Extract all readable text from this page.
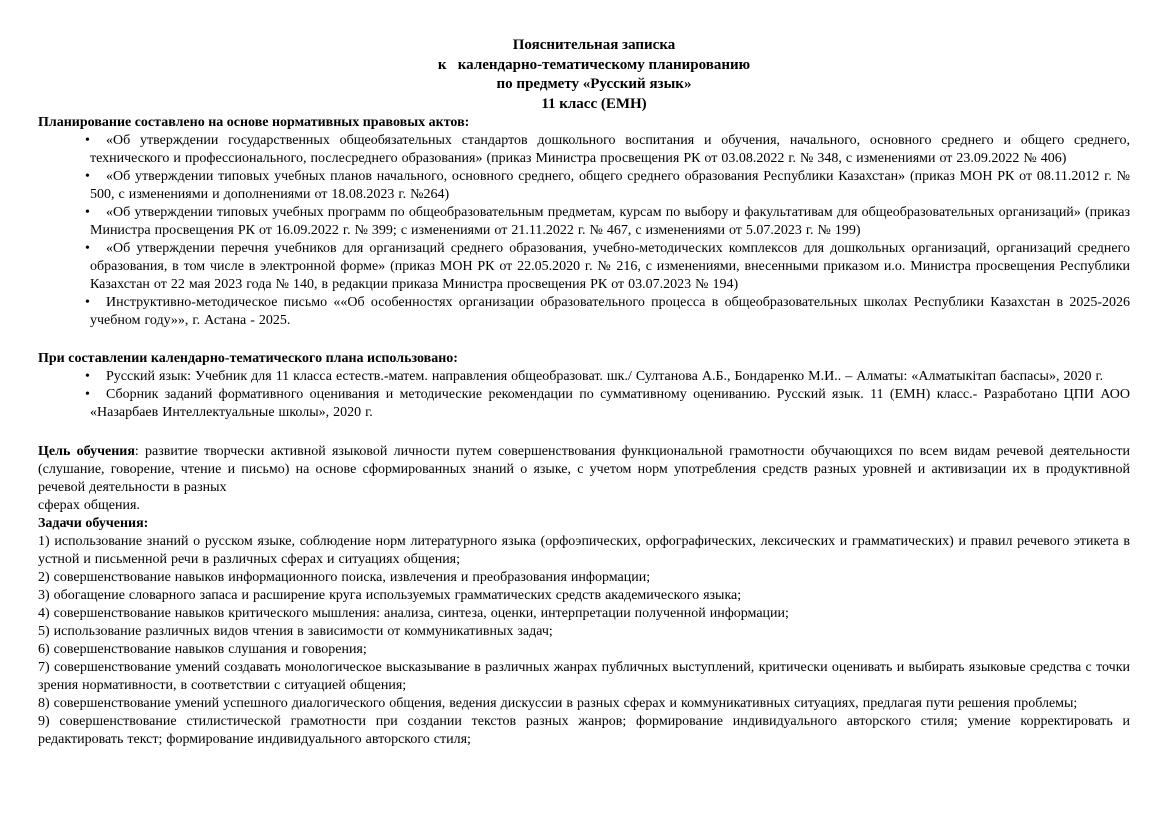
Пояснительная записка
к   календарно-тематическому планированию
по предмету «Русский язык»
11 класс (ЕМН)

Планирование составлено на основе нормативных правовых актов:

• «Об утверждении государственных общеобязательных стандартов дошкольного воспитания и обучения, начального, основного среднего и общего среднего, технического и профессионального, послесреднего образования» (приказ Министра просвещения РК от 03.08.2022 г. № 348, с изменениями от 23.09.2022 № 406)
• «Об утверждении типовых учебных планов начального, основного среднего, общего среднего образования Республики Казахстан» (приказ МОН РК от 08.11.2012 г. № 500, с изменениями и дополнениями от 18.08.2023 г. №264)
• «Об утверждении типовых учебных программ по общеобразовательным предметам, курсам по выбору и факультативам для общеобразовательных организаций» (приказ Министра просвещения РК от 16.09.2022 г. № 399; с изменениями от 21.11.2022 г. № 467, с изменениями от 5.07.2023 г. № 199)
• «Об утверждении перечня учебников для организаций среднего образования, учебно-методических комплексов для дошкольных организаций, организаций среднего образования, в том числе в электронной форме» (приказ МОН РК от 22.05.2020 г. № 216, с изменениями, внесенными приказом и.о. Министра просвещения Республики Казахстан от 22 мая 2023 года № 140, в редакции приказа Министра просвещения РК от 03.07.2023 № 194)
• Инструктивно-методическое письмо ««Об особенностях организации образовательного процесса в общеобразовательных школах Республики Казахстан в 2025-2026 учебном году»», г. Астана - 2025.

При составлении календарно-тематического плана использовано:

• Русский язык: Учебник для 11 класса естеств.-матем. направления общеобразоват. шк./ Султанова А.Б., Бондаренко М.И.. – Алматы: «Алматыкітап баспасы», 2020 г.
• Сборник заданий формативного оценивания и методические рекомендации по суммативному оцениванию. Русский язык. 11 (ЕМН) класс.- Разработано ЦПИ АОО «Назарбаев Интеллектуальные школы», 2020 г.

Цель обучения: развитие творчески активной языковой личности путем совершенствования функциональной грамотности обучающихся по всем видам речевой деятельности (слушание, говорение, чтение и письмо) на основе сформированных знаний о языке, с учетом норм употребления средств разных уровней и активизации их в продуктивной речевой деятельности в разных
сферах общения.

Задачи обучения:

1) использование знаний о русском языке, соблюдение норм литературного языка (орфоэпических, орфографических, лексических и грамматических) и правил речевого этикета в устной и письменной речи в различных сферах и ситуациях общения;

2) совершенствование навыков информационного поиска, извлечения и преобразования информации;

3) обогащение словарного запаса и расширение круга используемых грамматических средств академического языка;

4) совершенствование навыков критического мышления: анализа, синтеза, оценки, интерпретации полученной информации;

5) использование различных видов чтения в зависимости от коммуникативных задач;

6) совершенствование навыков слушания и говорения;

7) совершенствование умений создавать монологическое высказывание в различных жанрах публичных выступлений, критически оценивать и выбирать языковые средства с точки зрения нормативности, в соответствии с ситуацией общения;

8) совершенствование умений успешного диалогического общения, ведения дискуссии в разных сферах и коммуникативных ситуациях, предлагая пути решения проблемы;

9) совершенствование стилистической грамотности при создании текстов разных жанров; формирование индивидуального авторского стиля; умение корректировать и редактировать текст; формирование индивидуального авторского стиля;
